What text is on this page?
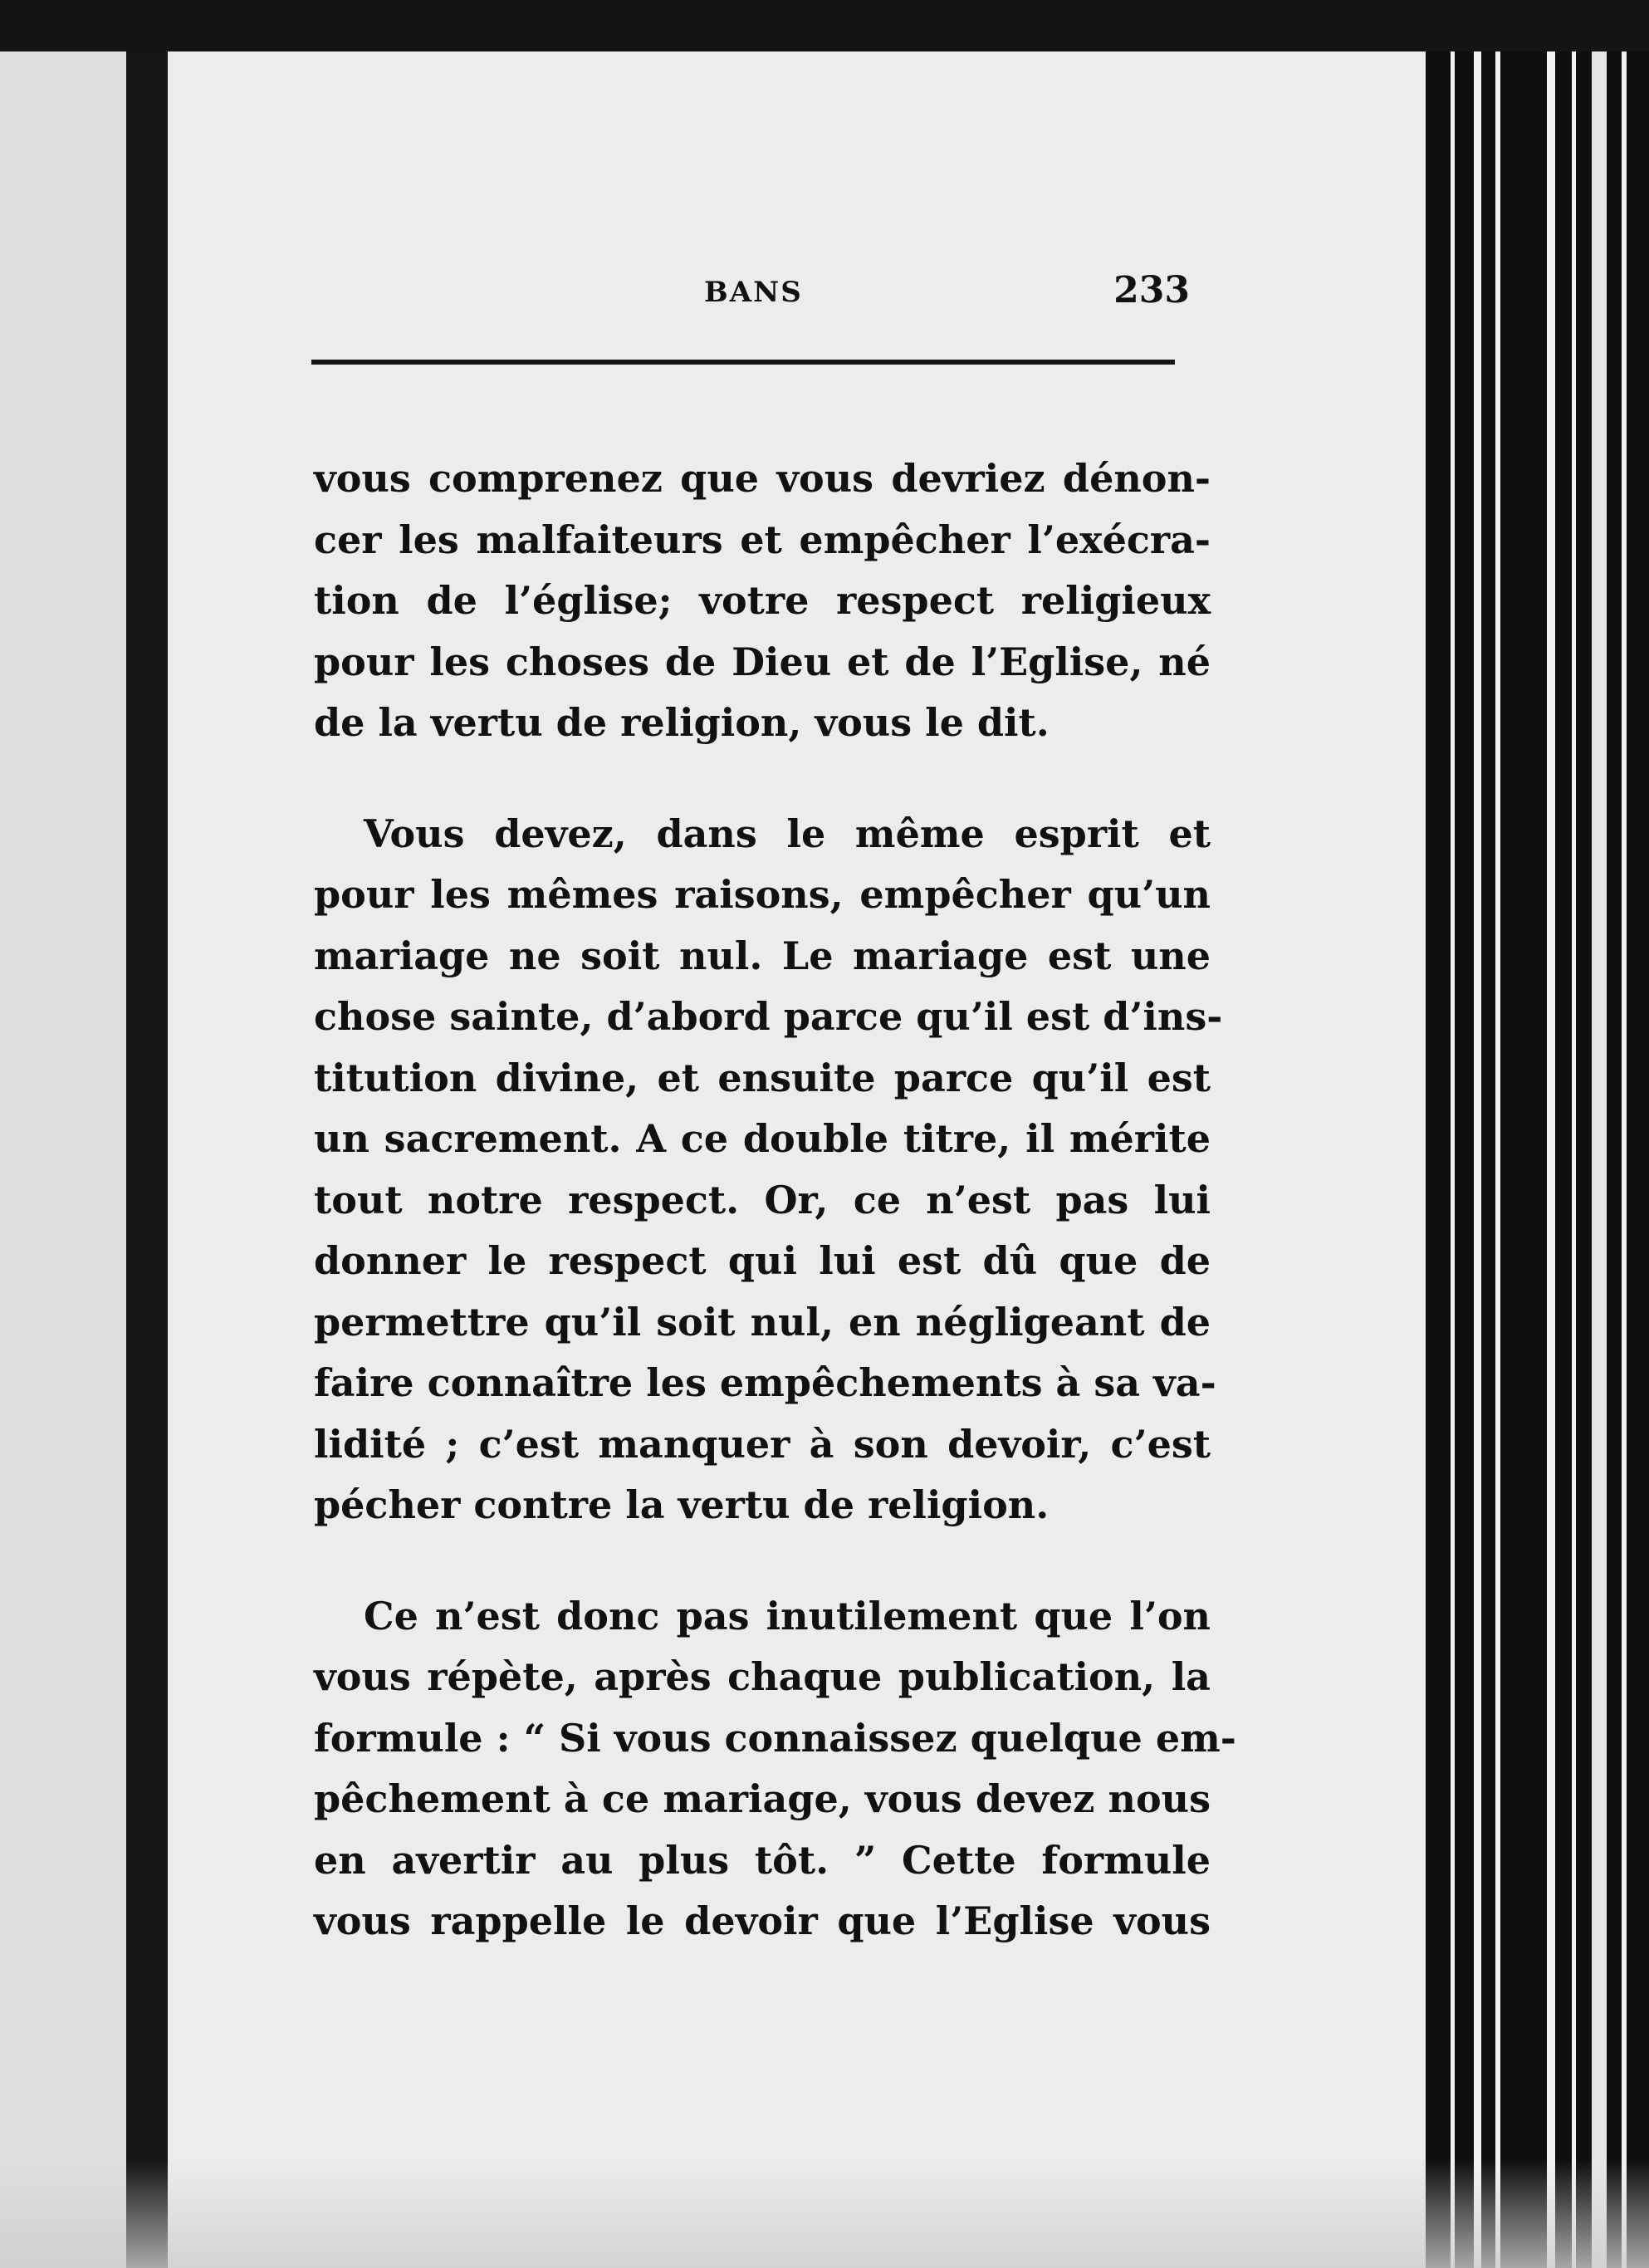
BANS	233
vous comprenez que vous devriez dénon-
cer les malfaiteurs et empêcher l’exécra-
tion de l’église; votre respect religieux
pour les choses de Dieu et de l’Eglise, né
de la vertu de religion, vous le dit.
Vous devez, dans le même esprit et
pour les mêmes raisons, empêcher qu’un
mariage ne soit nul. Le mariage est une
chose sainte, d’abord parce qu’il est d’ins-
titution divine, et ensuite parce qu’il est
un sacrement. A ce double titre, il mérite
tout notre respect. Or, ce n’est pas lui
donner le respect qui lui est dû que de
permettre qu’il soit nul, en négligeant de
faire connaître les empêchements à sa va-
lidité ; c’est manquer à son devoir, c’est
pécher contre la vertu de religion.
Ce n’est donc pas inutilement que l’on
vous répète, après chaque publication, la
formule : “ Si vous connaissez quelque em-
pêchement à ce mariage, vous devez nous
en avertir au plus tôt. ” Cette formule
vous rappelle le devoir que l’Eglise vous
